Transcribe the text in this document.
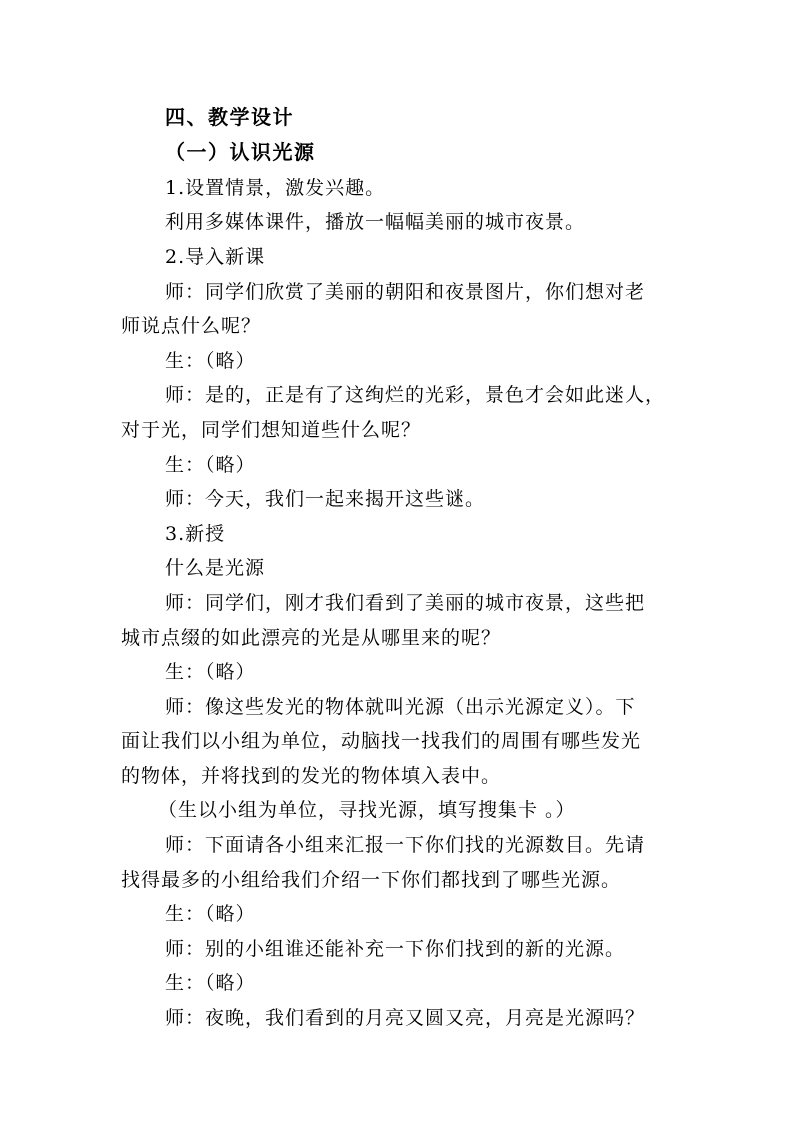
四、教学设计
（一）认识光源
1.设置情景，激发兴趣。
利用多媒体课件，播放一幅幅美丽的城市夜景。
2.导入新课
师：同学们欣赏了美丽的朝阳和夜景图片，你们想对老
师说点什么呢？
生：（略）
师：是的，正是有了这绚烂的光彩，景色才会如此迷人，
对于光，同学们想知道些什么呢？
生：（略）
师：今天，我们一起来揭开这些谜。
3.新授
什么是光源
师：同学们，刚才我们看到了美丽的城市夜景，这些把
城市点缀的如此漂亮的光是从哪里来的呢？
生：（略）
师：像这些发光的物体就叫光源（出示光源定义）。下
面让我们以小组为单位，动脑找一找我们的周围有哪些发光
的物体，并将找到的发光的物体填入表中。
（生以小组为单位，寻找光源，填写搜集卡 。）
师：下面请各小组来汇报一下你们找的光源数目。先请
找得最多的小组给我们介绍一下你们都找到了哪些光源。
生：（略）
师：别的小组谁还能补充一下你们找到的新的光源。
生：（略）
师：夜晚，我们看到的月亮又圆又亮，月亮是光源吗？
